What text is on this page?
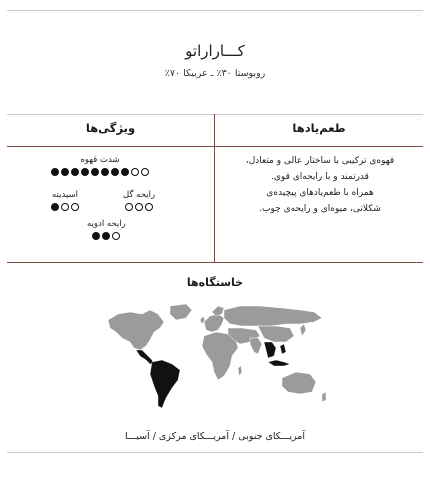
کـــاراراتو
روبوستا ۳۰٪ ـ عربیکا ۷۰٪
ویژگی‌ها	طعم‌یادها
قهوه‌ی ترکیبی با ساختار عالی و متعادل،
قدرتمند و با رایحه‌ای قوی.
همراه با طعم‌یادهای پیچیده‌ی
شکلاتی، میوه‌ای و رایحه‌ی چوب.
شدت قهوه
رایحه گل
اسیدیته
رایحه ادویه
خاستگاه‌ها
آمریـــکای جنوبی / آمریـــکای مرکزی / آسیـــا
